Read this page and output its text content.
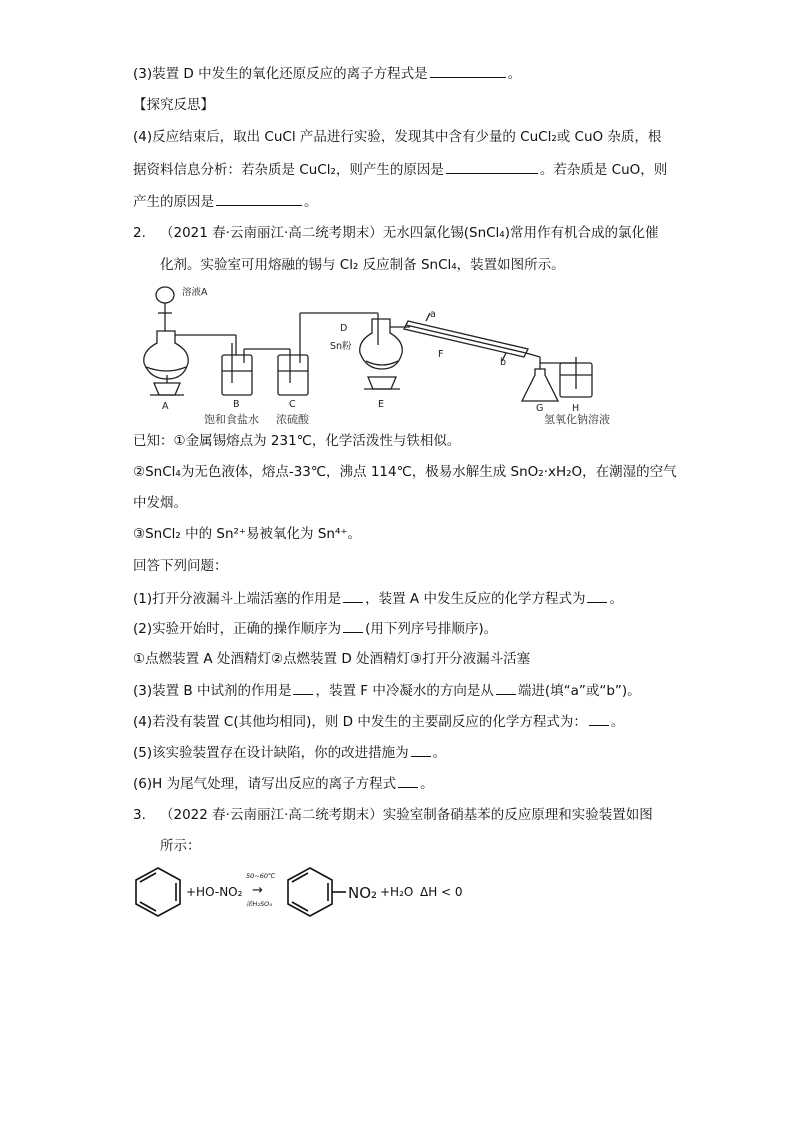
(3)装置 D 中发生的氧化还原反应的离子方程式是	。
【探究反思】
(4)反应结束后，取出 CuCl 产品进行实验，发现其中含有少量的 CuCl₂或 CuO 杂质，根
据资料信息分析：若杂质是 CuCl₂，则产生的原因是	。若杂质是 CuO，则
产生的原因是	。
2. （2021 春·云南丽江·高二统考期末）无水四氯化锡(SnCl₄)常用作有机合成的氯化催
化剂。实验室可用熔融的锡与 Cl₂ 反应制备 SnCl₄，装置如图所示。
溶液A
D
Sn粉
a
F
b
A	B	C	E	G	H
饱和食盐水 浓硫酸	氢氧化钠溶液
已知：①金属锡熔点为 231℃，化学活泼性与铁相似。
②SnCl₄为无色液体，熔点-33℃，沸点 114℃，极易水解生成 SnO₂·xH₂O，在潮湿的空气
中发烟。
③SnCl₂ 中的 Sn²⁺易被氧化为 Sn⁴⁺。
回答下列问题：
(1)打开分液漏斗上端活塞的作用是 ，装置 A 中发生反应的化学方程式为 。
(2)实验开始时，正确的操作顺序为 (用下列序号排顺序)。
①点燃装置 A 处酒精灯②点燃装置 D 处酒精灯③打开分液漏斗活塞
(3)装置 B 中试剂的作用是 ，装置 F 中冷凝水的方向是从 端进(填“a”或“b”)。
(4)若没有装置 C(其他均相同)，则 D 中发生的主要副反应的化学方程式为： 。
(5)该实验装置存在设计缺陷，你的改进措施为 。
(6)H 为尾气处理，请写出反应的离子方程式 。
3. （2022 春·云南丽江·高二统考期末）实验室制备硝基苯的反应原理和实验装置如图
所示：
+HO-NO₂
50~60℃
→
浓H₂SO₄
NO₂ +H₂O ΔH < 0
